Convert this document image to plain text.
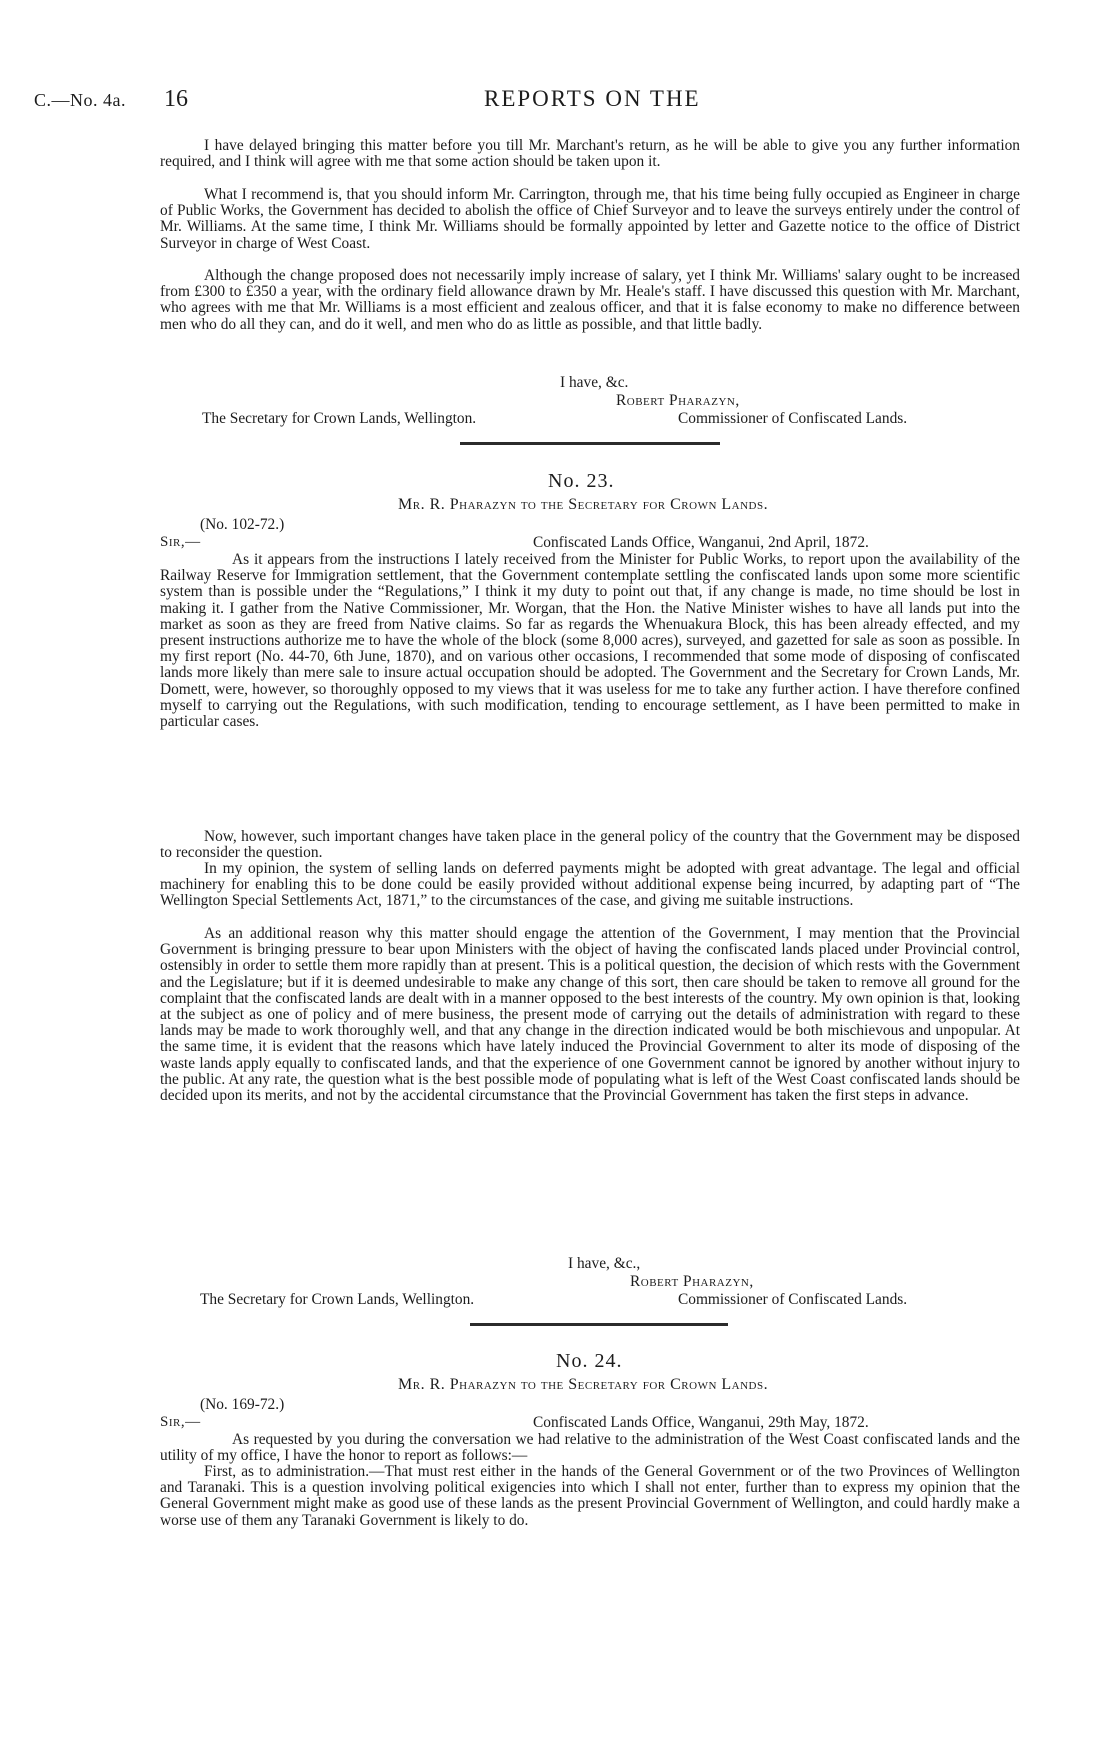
C.—No. 4a. 16	REPORTS ON THE

I have delayed bringing this matter before you till Mr. Marchant's return, as he will be able to give you any further information required, and I think will agree with me that some action should be taken upon it.

What I recommend is, that you should inform Mr. Carrington, through me, that his time being fully occupied as Engineer in charge of Public Works, the Government has decided to abolish the office of Chief Surveyor and to leave the surveys entirely under the control of Mr. Williams. At the same time, I think Mr. Williams should be formally appointed by letter and Gazette notice to the office of District Surveyor in charge of West Coast.

Although the change proposed does not necessarily imply increase of salary, yet I think Mr. Williams' salary ought to be increased from £300 to £350 a year, with the ordinary field allowance drawn by Mr. Heale's staff. I have discussed this question with Mr. Marchant, who agrees with me that Mr. Williams is a most efficient and zealous officer, and that it is false economy to make no difference between men who do all they can, and do it well, and men who do as little as possible, and that little badly.

I have, &c.
Robert Pharazyn,
The Secretary for Crown Lands, Wellington.	Commissioner of Confiscated Lands.
No. 23.
Mr. R. Pharazyn to the Secretary for Crown Lands.
(No. 102-72.)
Sir,—	Confiscated Lands Office, Wanganui, 2nd April, 1872.

As it appears from the instructions I lately received from the Minister for Public Works, to report upon the availability of the Railway Reserve for Immigration settlement, that the Government contemplate settling the confiscated lands upon some more scientific system than is possible under the “Regulations,” I think it my duty to point out that, if any change is made, no time should be lost in making it. I gather from the Native Commissioner, Mr. Worgan, that the Hon. the Native Minister wishes to have all lands put into the market as soon as they are freed from Native claims. So far as regards the Whenuakura Block, this has been already effected, and my present instructions authorize me to have the whole of the block (some 8,000 acres), surveyed, and gazetted for sale as soon as possible. In my first report (No. 44-70, 6th June, 1870), and on various other occasions, I recommended that some mode of disposing of confiscated lands more likely than mere sale to insure actual occupation should be adopted. The Government and the Secretary for Crown Lands, Mr. Domett, were, however, so thoroughly opposed to my views that it was useless for me to take any further action. I have therefore confined myself to carrying out the Regulations, with such modification, tending to encourage settlement, as I have been permitted to make in particular cases.

Now, however, such important changes have taken place in the general policy of the country that the Government may be disposed to reconsider the question.

In my opinion, the system of selling lands on deferred payments might be adopted with great advantage. The legal and official machinery for enabling this to be done could be easily provided without additional expense being incurred, by adapting part of “The Wellington Special Settlements Act, 1871,” to the circumstances of the case, and giving me suitable instructions.

As an additional reason why this matter should engage the attention of the Government, I may mention that the Provincial Government is bringing pressure to bear upon Ministers with the object of having the confiscated lands placed under Provincial control, ostensibly in order to settle them more rapidly than at present. This is a political question, the decision of which rests with the Government and the Legislature; but if it is deemed undesirable to make any change of this sort, then care should be taken to remove all ground for the complaint that the confiscated lands are dealt with in a manner opposed to the best interests of the country. My own opinion is that, looking at the subject as one of policy and of mere business, the present mode of carrying out the details of administration with regard to these lands may be made to work thoroughly well, and that any change in the direction indicated would be both mischievous and unpopular. At the same time, it is evident that the reasons which have lately induced the Provincial Government to alter its mode of disposing of the waste lands apply equally to confiscated lands, and that the experience of one Government cannot be ignored by another without injury to the public. At any rate, the question what is the best possible mode of populating what is left of the West Coast confiscated lands should be decided upon its merits, and not by the accidental circumstance that the Provincial Government has taken the first steps in advance.

I have, &c.,
Robert Pharazyn,
The Secretary for Crown Lands, Wellington.	Commissioner of Confiscated Lands.
No. 24.
Mr. R. Pharazyn to the Secretary for Crown Lands.
(No. 169-72.)
Sir,—	Confiscated Lands Office, Wanganui, 29th May, 1872.

As requested by you during the conversation we had relative to the administration of the West Coast confiscated lands and the utility of my office, I have the honor to report as follows:—

First, as to administration.—That must rest either in the hands of the General Government or of the two Provinces of Wellington and Taranaki. This is a question involving political exigencies into which I shall not enter, further than to express my opinion that the General Government might make as good use of these lands as the present Provincial Government of Wellington, and could hardly make a worse use of them any Taranaki Government is likely to do.
